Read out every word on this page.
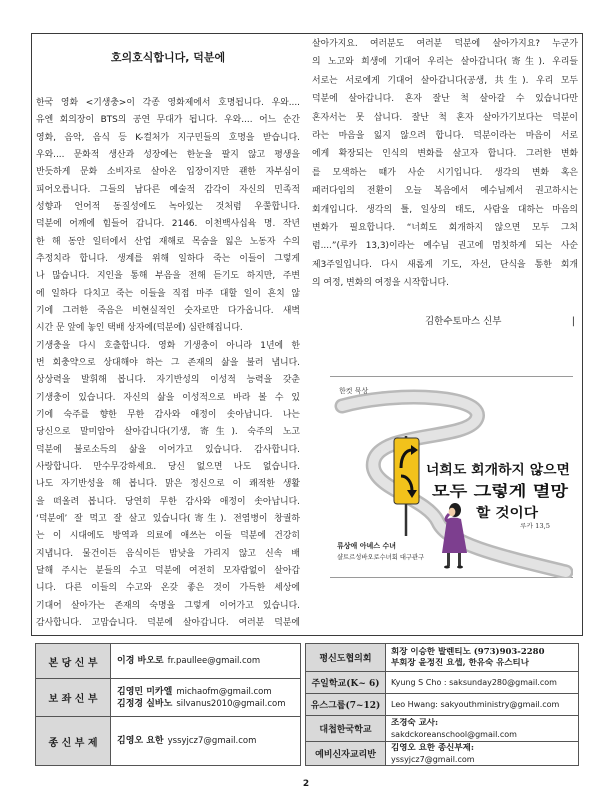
호의호식합니다, 덕분에
한국 영화 <기생충>이 각종 영화제에서 호명됩니다. 우와....
유엔 회의장이 BTS의 공연 무대가 됩니다. 우와.... 어느 순간
영화, 음악, 음식 등 K-컬처가 지구민들의 호명을 받습니다.
우와.... 문화적 생산과 성장에는 한눈을 팔지 않고 평생을
반듯하게 문화 소비자로 살아온 입장이지만 괜한 자부심이
피어오릅니다. 그들의 남다른 예술적 감각이 자신의 민족적
성향과 언어적 동질성에도 녹아있는 것처럼 우쭐합니다.
덕분에 어깨에 힘들어 갑니다. 2146. 이천백사십육 명. 작년
한 해 동안 일터에서 산업 재해로 목숨을 잃은 노동자 수의
추정치라 합니다. 생계를 위해 일하다 죽는 이들이 그렇게
나 많습니다. 지인을 통해 부음을 전해 듣기도 하지만, 주변
에 일하다 다치고 죽는 이들을 직접 마주 대할 일이 흔치 않
기에 그러한 죽음은 비현실적인 숫자로만 다가옵니다. 새벽
시간 문 앞에 놓인 택배 상자에(덕분에) 심란해집니다.
기생충을 다시 호출합니다. 영화 기생충이 아니라 1년에 한
번 회충약으로 상대해야 하는 그 존재의 삶을 불러 냅니다.
상상력을 발휘해 봅니다. 자기반성의 이성적 능력을 갖춘
기생충이 있습니다. 자신의 삶을 이성적으로 바라 볼 수 있
기에 숙주를 향한 무한 감사와 애정이 솟아납니다. 나는
당신으로 말미암아 살아갑니다(기생, 寄生). 숙주의 노고
덕분에 불로소득의 삶을 이어가고 있습니다. 감사합니다.
사랑합니다. 만수무강하세요. 당신 없으면 나도 없습니다.
나도 자기반성을 해 봅니다. 맑은 정신으로 이 쾌적한 생활
을 떠올려 봅니다. 당연히 무한 감사와 애정이 솟아납니다.
‘덕분에’ 잘 먹고 잘 살고 있습니다(寄生). 전염병이 창궐하
는 이 시대에도 방역과 의료에 애쓰는 이들 덕분에 건강히
지냅니다. 물건이든 음식이든 밤낮을 가리지 않고 신속 배
달해 주시는 분들의 수고 덕분에 여전히 모자람없이 살아갑
니다. 다른 이들의 수고와 온갖 좋은 것이 가득한 세상에
기대어 살아가는 존재의 숙명을 그렇게 이어가고 있습니다.
감사합니다. 고맙습니다. 덕분에 살아갑니다. 여러분 덕분에
살아가지요. 여러분도 여러분 덕분에 살아가지요? 누군가
의 노고와 희생에 기대어 우리는 살아갑니다(寄生). 우리들
서로는 서로에게 기대어 살아갑니다(공생, 共生). 우리 모두
덕분에 살아갑니다. 혼자 잘난 척 살아갈 수 있습니다만
혼자서는 못 삽니다. 잘난 척 혼자 살아가기보다는 덕분이
라는 마음을 잃지 않으려 합니다. 덕분이라는 마음이 서로
에게 확장되는 인식의 변화를 살고자 합니다. 그러한 변화
를 모색하는 때가 사순 시기입니다. 생각의 변화 혹은
패러다임의 전환이 오늘 복음에서 예수님께서 권고하시는
회개입니다. 생각의 틀, 일상의 태도, 사람을 대하는 마음의
변화가 필요합니다. “너희도 회개하지 않으면 모두 그처
럼....”(루카 13,3)이라는 예수님 권고에 멈칫하게 되는 사순
제3주일입니다. 다시 새롭게 기도, 자선, 단식을 통한 회개
의 여정, 변화의 여정을 시작합니다.
김한수토마스 신부	|
한컷 묵상
너희도 회개하지 않으면
모두 그렇게 멸망
할 것이다
루카 13,5
류상애 아녜스 수녀
샬트르성바오로수녀회 대구관구
본 당 신 부	이경 바오로 fr.paullee@gmail.com
보 좌 신 부	김영민 미카엘 michaofm@gmail.com
김정경 실바노 silvanus2010@gmail.com

종 신 부 제	김영오 요한 yssyjcz7@gmail.com
평신도협의회	회장 이승한 발렌티노 (973)903-2280
부회장 윤정진 요셉, 한유숙 유스티나

주일학교(K~ 6)	Kyung S Cho : saksunday280@gmail.com

유스그룹(7~12)	Leo Hwang: sakyouthministry@gmail.com

대첩한국학교	조경숙 교사:
sakdckoreanschool@gmail.com

예비신자교리반	김영오 요한 종신부제:
yssyjcz7@gmail.com
2
